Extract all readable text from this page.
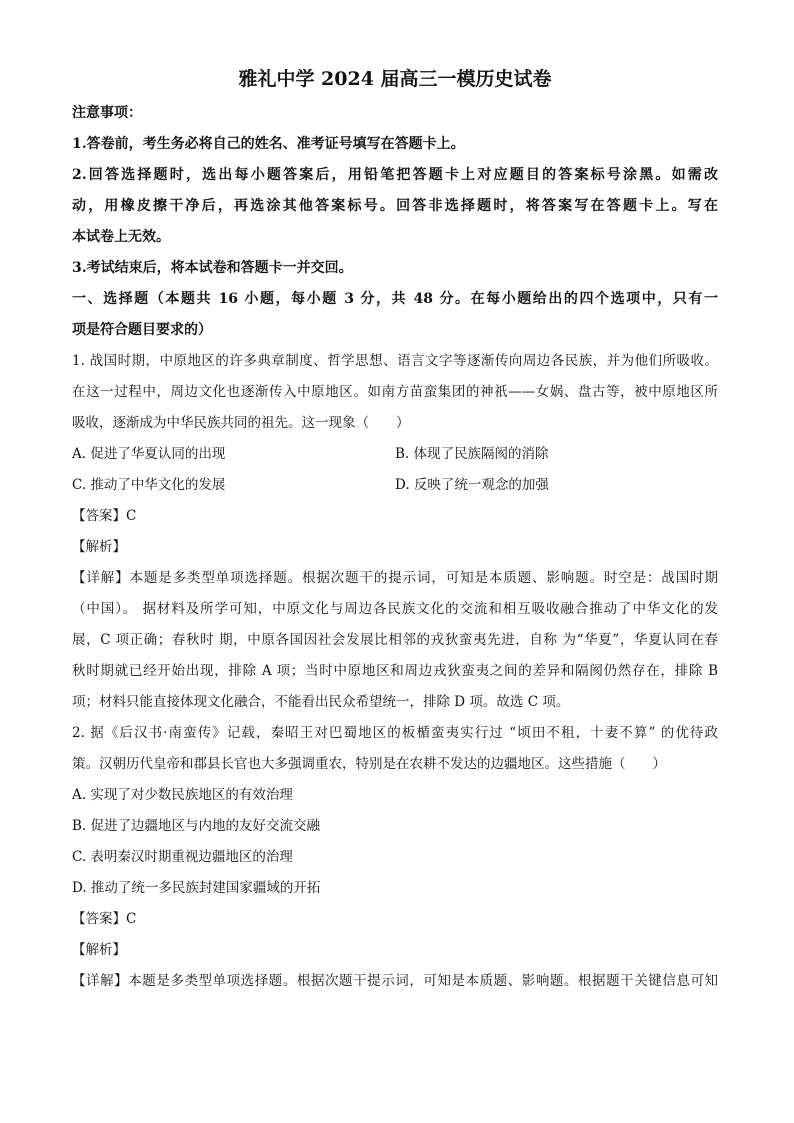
雅礼中学 2024 届高三一模历史试卷
注意事项：
1.答卷前，考生务必将自己的姓名、准考证号填写在答题卡上。
2.回答选择题时，选出每小题答案后，用铅笔把答题卡上对应题目的答案标号涂黑。如需改
动，用橡皮擦干净后，再选涂其他答案标号。回答非选择题时，将答案写在答题卡上。写在
本试卷上无效。
3.考试结束后，将本试卷和答题卡一并交回。
一、选择题（本题共 16 小题，每小题 3 分，共 48 分。在每小题给出的四个选项中，只有一
项是符合题目要求的）
1. 战国时期，中原地区的许多典章制度、哲学思想、语言文字等逐渐传向周边各民族，并为他们所吸收。
在这一过程中，周边文化也逐渐传入中原地区。如南方苗蛮集团的神祇——女娲、盘古等，被中原地区所
吸收，逐渐成为中华民族共同的祖先。这一现象（　　）
A. 促进了华夏认同的出现	B. 体现了民族隔阂的消除
C. 推动了中华文化的发展	D. 反映了统一观念的加强
【答案】C
【解析】
【详解】本题是多类型单项选择题。根据次题干的提示词，可知是本质题、影响题。时空是：战国时期
（中国）。 据材料及所学可知，中原文化与周边各民族文化的交流和相互吸收融合推动了中华文化的发
展，C 项正确；春秋时 期，中原各国因社会发展比相邻的戎狄蛮夷先进，自称 为“华夏”，华夏认同在春
秋时期就已经开始出现，排除 A 项；当时中原地区和周边戎狄蛮夷之间的差异和隔阂仍然存在，排除 B
项；材料只能直接体现文化融合，不能看出民众希望统一，排除 D 项。故选 C 项。
2. 据《后汉书·南蛮传》记载，秦昭王对巴蜀地区的板楯蛮夷实行过 “顷田不租，十妻不算” 的优待政
策。汉朝历代皇帝和郡县长官也大多强调重农，特别是在农耕不发达的边疆地区。这些措施（　　）
A. 实现了对少数民族地区的有效治理
B. 促进了边疆地区与内地的友好交流交融
C. 表明秦汉时期重视边疆地区的治理
D. 推动了统一多民族封建国家疆域的开拓
【答案】C
【解析】
【详解】本题是多类型单项选择题。根据次题干提示词，可知是本质题、影响题。根据题干关键信息可知
